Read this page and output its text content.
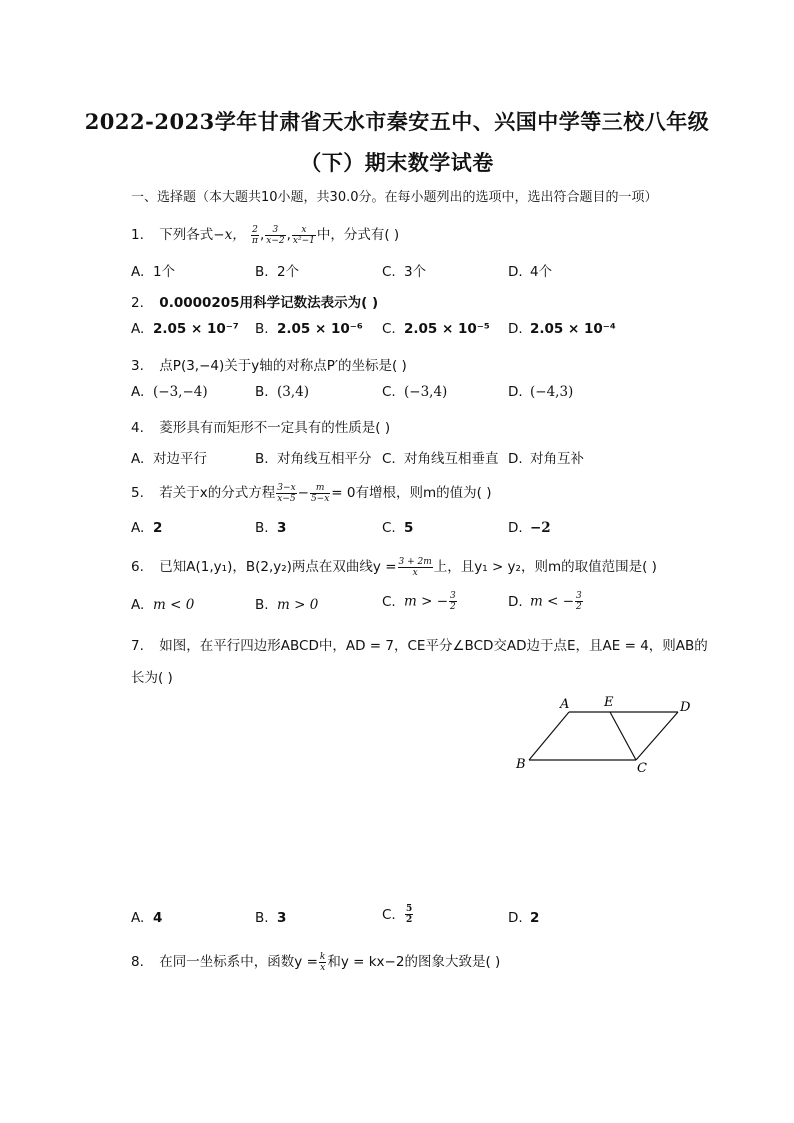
2022-2023学年甘肃省天水市秦安五中、兴国中学等三校八年级
（下）期末数学试卷
一、选择题（本大题共10小题，共30.0分。在每小题列出的选项中，选出符合题目的一项）
1. 下列各式−x， $\frac{2}{\pi}$ , $\frac{3}{x-2}$ , $\frac{x}{\text{x²−1}}$ 中，分式有( )
A. 1个	B. 2个	C. 3个	D. 4个
2. 0.0000205用科学记数法表示为( )
A. 2.05 × 10⁻⁷ B. 2.05 × 10⁻⁶ C. 2.05 × 10⁻⁵ D. 2.05 × 10⁻⁴
3. 点P(3,−4)关于y轴的对称点P′的坐标是( )
A. (−3,−4)	B. (3,4)	C. (−3,4)	D. (−4,3)
4. 菱形具有而矩形不一定具有的性质是( )
A. 对边平行	B. 对角线互相平分 C. 对角线互相垂直 D. 对角互补
5. 若关于x的分式方程 $\frac{3-x}{x-5} - \frac{m}{5-x} = 0$有增根，则m的值为( )
A. 2	B. 3	C. 5	D. −2
6. 已知A(1,y₁)，B(2,y₂)两点在双曲线$y = \frac{3 + 2m}{x}$ 上，且y₁ > y₂，则m的取值范围是( )
A. m < 0	B. m > 0	C. m > − $\frac{3}{2}$	D. m < − $\frac{3}{2}$
7. 如图，在平行四边形ABCD中，AD = 7，CE平分∠BCD交AD边于点E，且AE = 4，则AB的
长为( )
A	E	D
B	C
A. 4	B. 3	C. $\frac{5}{2}$	D. 2
8. 在同一坐标系中，函数$y = \frac{k}{x}$ 和y = kx−2的图象大致是( )
